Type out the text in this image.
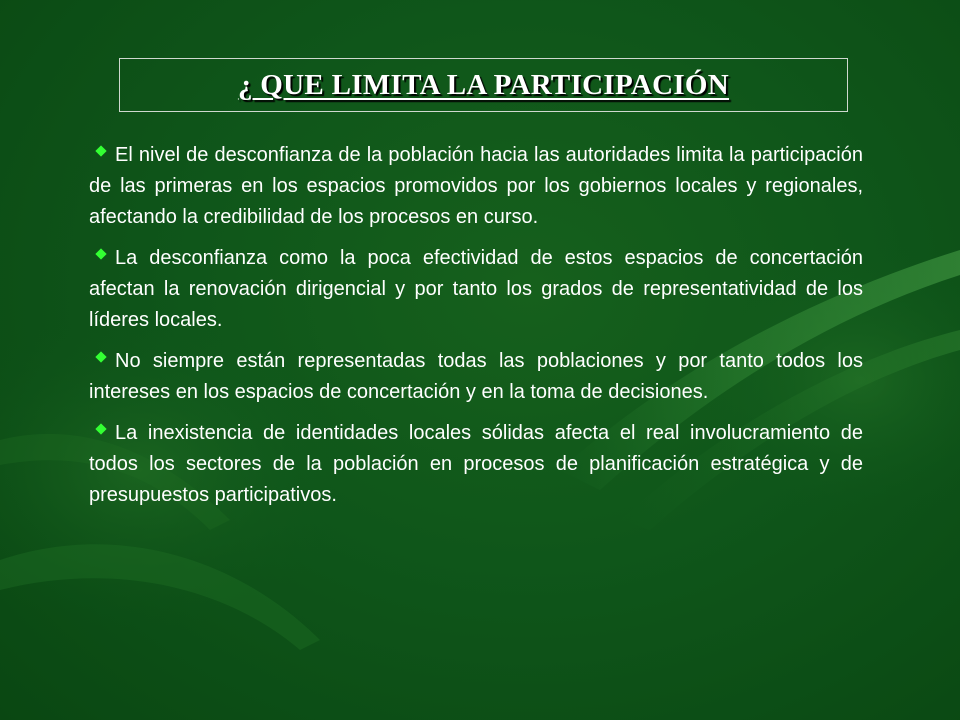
¿ QUE LIMITA LA PARTICIPACIÓN

El nivel de desconfianza de la población hacia las autoridades limita la participación de las primeras en los espacios promovidos por los gobiernos locales y regionales, afectando la credibilidad de los procesos en curso.

La desconfianza como la poca efectividad de estos espacios de concertación afectan la renovación dirigencial y por tanto los grados de representatividad de los líderes locales.

No siempre están representadas todas las poblaciones y por tanto todos los intereses en los espacios de concertación y en la toma de decisiones.

La inexistencia de identidades locales sólidas afecta el real involucramiento de todos los sectores de la población en procesos de planificación estratégica y de presupuestos participativos.
